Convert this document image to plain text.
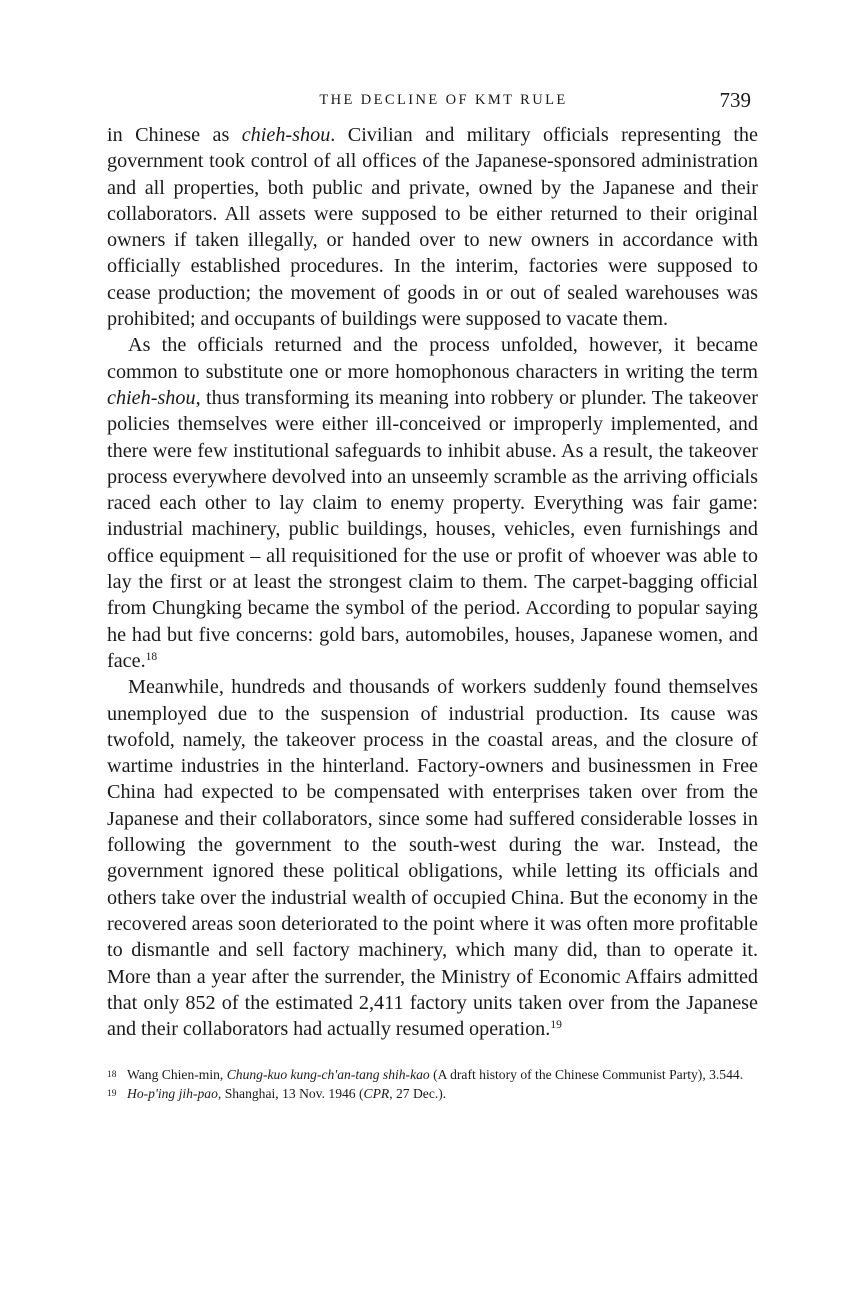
THE DECLINE OF KMT RULE	739

in Chinese as chieh-shou. Civilian and military officials representing the government took control of all offices of the Japanese-sponsored administration and all properties, both public and private, owned by the Japanese and their collaborators. All assets were supposed to be either returned to their original owners if taken illegally, or handed over to new owners in accordance with officially established procedures. In the interim, factories were supposed to cease production; the movement of goods in or out of sealed warehouses was prohibited; and occupants of buildings were supposed to vacate them.

As the officials returned and the process unfolded, however, it became common to substitute one or more homophonous characters in writing the term chieh-shou, thus transforming its meaning into robbery or plunder. The takeover policies themselves were either ill-conceived or improperly implemented, and there were few institutional safeguards to inhibit abuse. As a result, the takeover process everywhere devolved into an unseemly scramble as the arriving officials raced each other to lay claim to enemy property. Everything was fair game: industrial machinery, public buildings, houses, vehicles, even furnishings and office equipment – all requisitioned for the use or profit of whoever was able to lay the first or at least the strongest claim to them. The carpet-bagging official from Chungking became the symbol of the period. According to popular saying he had but five concerns: gold bars, automobiles, houses, Japanese women, and face.$^{18}$

Meanwhile, hundreds and thousands of workers suddenly found themselves unemployed due to the suspension of industrial production. Its cause was twofold, namely, the takeover process in the coastal areas, and the closure of wartime industries in the hinterland. Factory-owners and businessmen in Free China had expected to be compensated with enterprises taken over from the Japanese and their collaborators, since some had suffered considerable losses in following the government to the south-west during the war. Instead, the government ignored these political obligations, while letting its officials and others take over the industrial wealth of occupied China. But the economy in the recovered areas soon deteriorated to the point where it was often more profitable to dismantle and sell factory machinery, which many did, than to operate it. More than a year after the surrender, the Ministry of Economic Affairs admitted that only 852 of the estimated 2,411 factory units taken over from the Japanese and their collaborators had actually resumed operation.$^{19}$

18 Wang Chien-min, Chung-kuo kung-ch'an-tang shih-kao (A draft history of the Chinese Communist Party), 3.544.
19 Ho-p'ing jih-pao, Shanghai, 13 Nov. 1946 (CPR, 27 Dec.).
